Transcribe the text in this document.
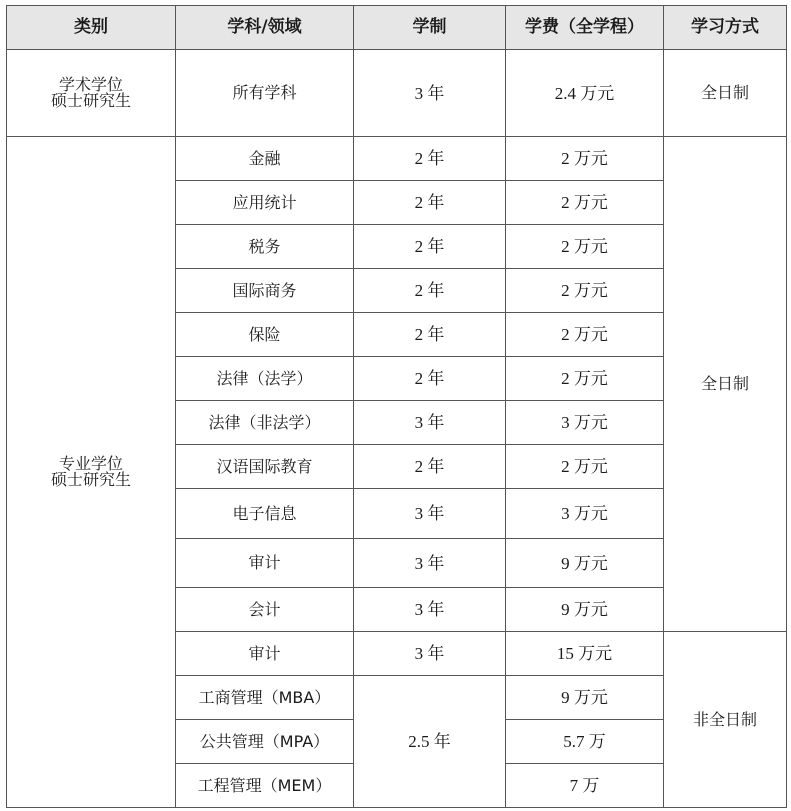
类别	学科/领域	学制	学费（全学程）	学习方式

学术学位
硕士研究生	所有学科	3 年	2.4 万元	全日制

专业学位
硕士研究生	金融	2 年	2 万元	全日制
	应用统计	2 年	2 万元	
	税务	2 年	2 万元	
	国际商务	2 年	2 万元	
	保险	2 年	2 万元	
	法律（法学）	2 年	2 万元	
	法律（非法学）	3 年	3 万元	
	汉语国际教育	2 年	2 万元	
	电子信息	3 年	3 万元	
	审计	3 年	9 万元	
	会计	3 年	9 万元	
	审计	3 年	15 万元	非全日制
	工商管理（MBA）	2.5 年	9 万元	
	公共管理（MPA）		5.7 万	
	工程管理（MEM）		7 万	
